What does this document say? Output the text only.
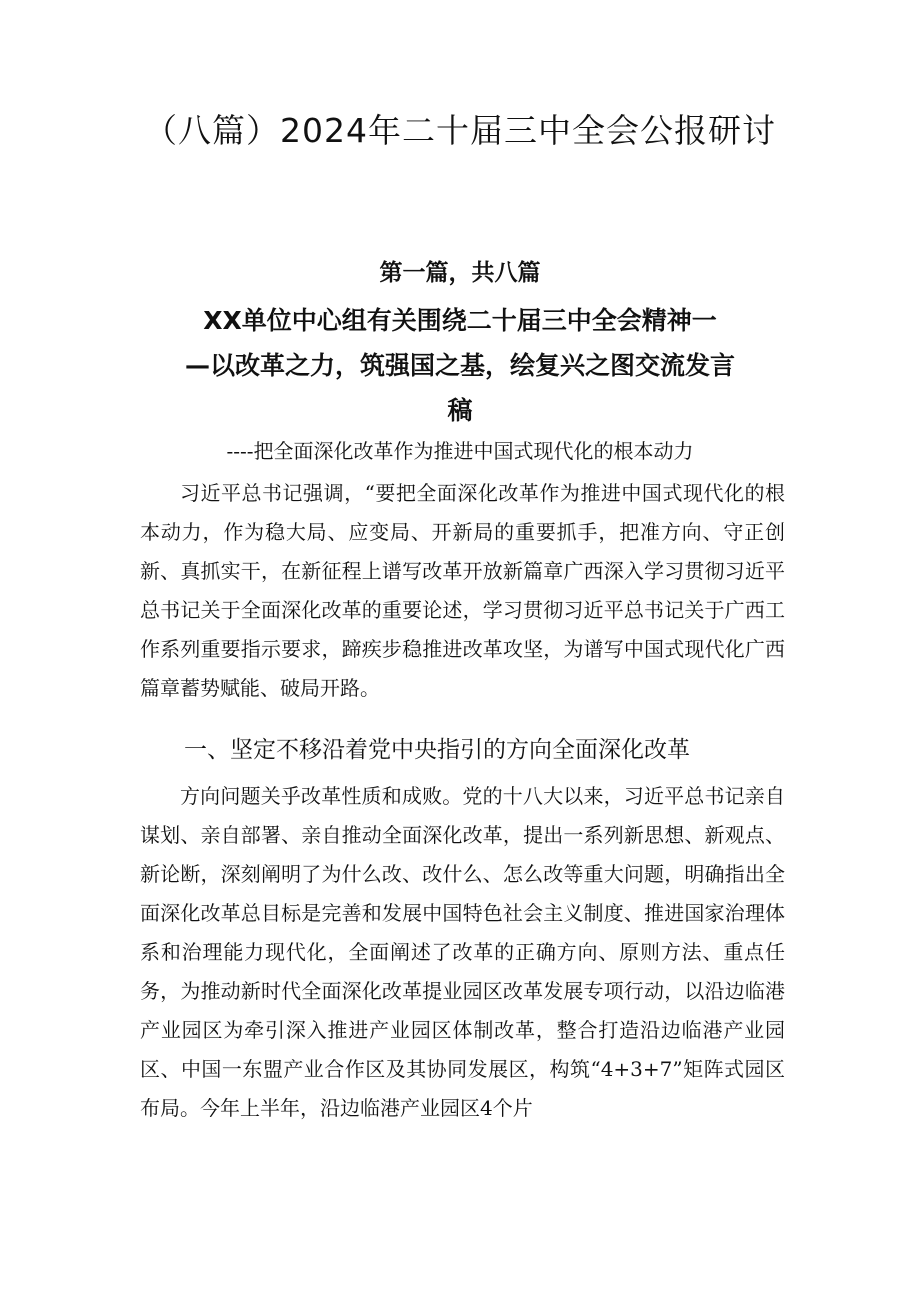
（八篇）2024年二十届三中全会公报研讨
第一篇，共八篇
XX单位中心组有关围绕二十届三中全会精神一
—以改革之力，筑强国之基，绘复兴之图交流发言
稿
----把全面深化改革作为推进中国式现代化的根本动力

习近平总书记强调，“要把全面深化改革作为推进中国式现代化的根本动力，作为稳大局、应变局、开新局的重要抓手，把准方向、守正创新、真抓实干，在新征程上谱写改革开放新篇章广西深入学习贯彻习近平总书记关于全面深化改革的重要论述，学习贯彻习近平总书记关于广西工作系列重要指示要求，蹄疾步稳推进改革攻坚，为谱写中国式现代化广西篇章蓄势赋能、破局开路。

一、坚定不移沿着党中央指引的方向全面深化改革

方向问题关乎改革性质和成败。党的十八大以来，习近平总书记亲自谋划、亲自部署、亲自推动全面深化改革，提出一系列新思想、新观点、新论断，深刻阐明了为什么改、改什么、怎么改等重大问题，明确指出全面深化改革总目标是完善和发展中国特色社会主义制度、推进国家治理体系和治理能力现代化，全面阐述了改革的正确方向、原则方法、重点任务，为推动新时代全面深化改革提业园区改革发展专项行动，以沿边临港产业园区为牵引深入推进产业园区体制改革，整合打造沿边临港产业园区、中国一东盟产业合作区及其协同发展区，构筑“4+3+7”矩阵式园区布局。今年上半年，沿边临港产业园区4个片
